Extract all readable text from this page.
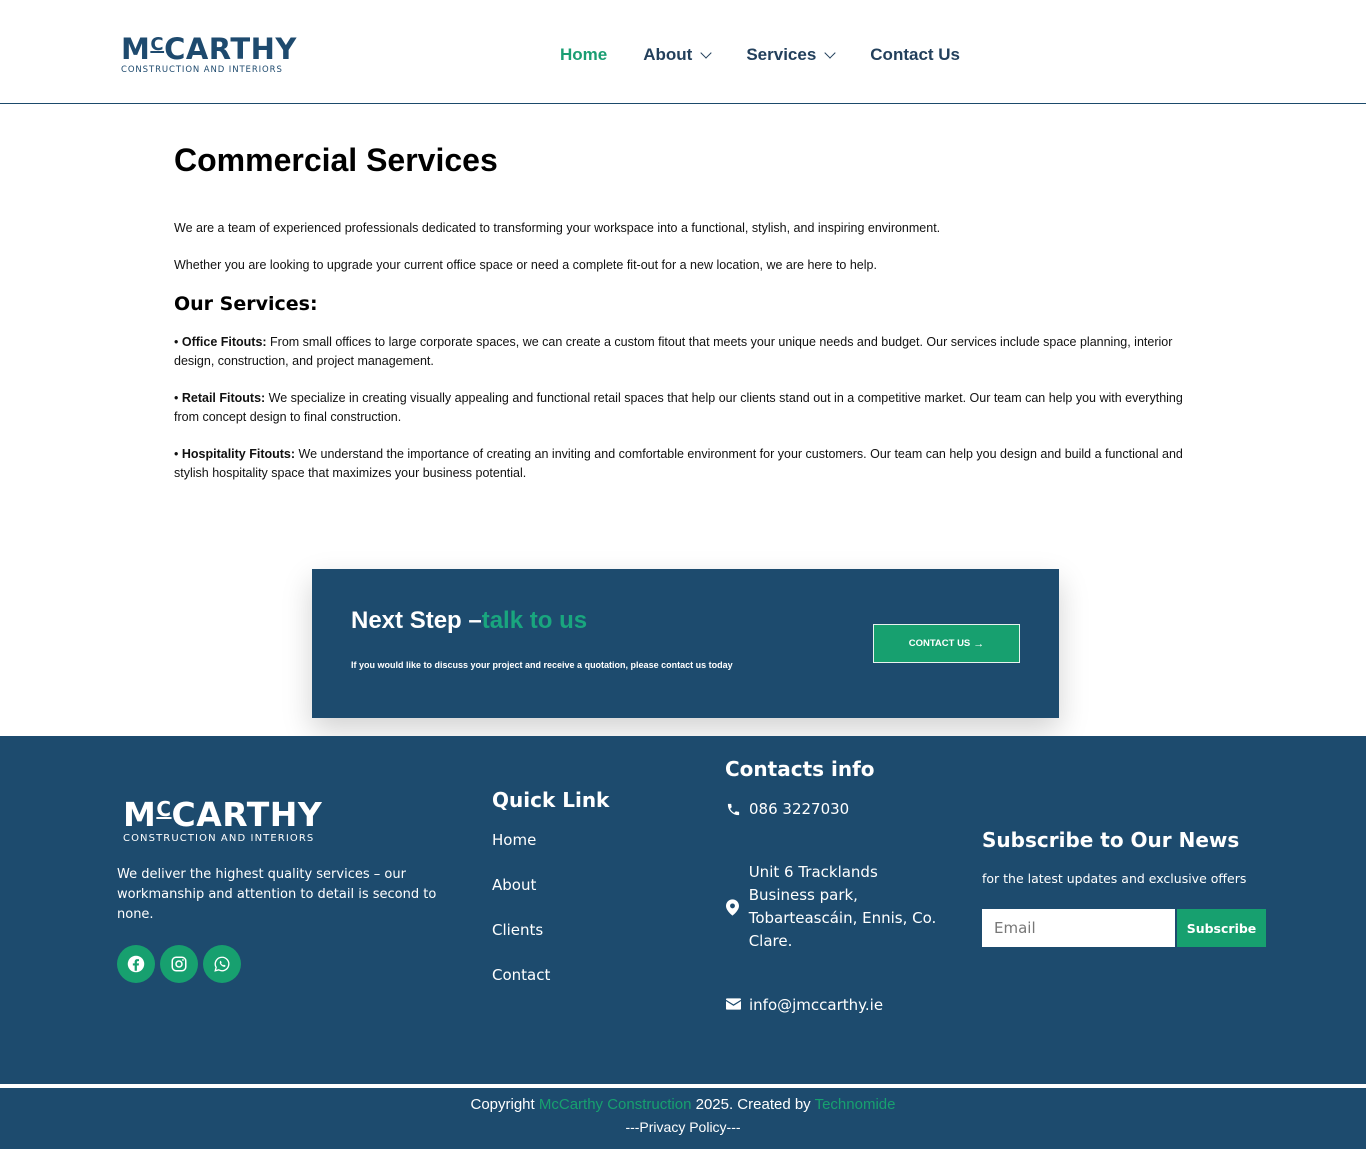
$M^CCARTHY$
CONSTRUCTION AND INTERIORS
Home About	Services	Contact Us
Commercial Services

We are a team of experienced professionals dedicated to transforming your workspace into a functional, stylish, and inspiring environment.

Whether you are looking to upgrade your current office space or need a complete fit-out for a new location, we are here to help.

Our Services:

• Office Fitouts: From small offices to large corporate spaces, we can create a custom fitout that meets your unique needs and budget. Our services include space planning, interior design, construction, and project management.

• Retail Fitouts: We specialize in creating visually appealing and functional retail spaces that help our clients stand out in a competitive market. Our team can help you with everything from concept design to final construction.

• Hospitality Fitouts: We understand the importance of creating an inviting and comfortable environment for your customers. Our team can help you design and build a functional and stylish hospitality space that maximizes your business potential.

Next Step –talk to us
If you would like to discuss your project and receive a quotation, please contact us today
CONTACT US →
$M^CCARTHY$
CONSTRUCTION AND INTERIORS
We deliver the highest quality services – our workmanship and attention to detail is second to none.
Quick Link
Home
About
Clients
Contact
Contacts info
086 3227030
Unit 6 Tracklands Business park, Tobarteascáin, Ennis, Co. Clare.
info@jmccarthy.ie
Subscribe to Our News
for the latest updates and exclusive offers
Email
Subscribe
Copyright McCarthy Construction 2025. Created by Technomide
---Privacy Policy---
